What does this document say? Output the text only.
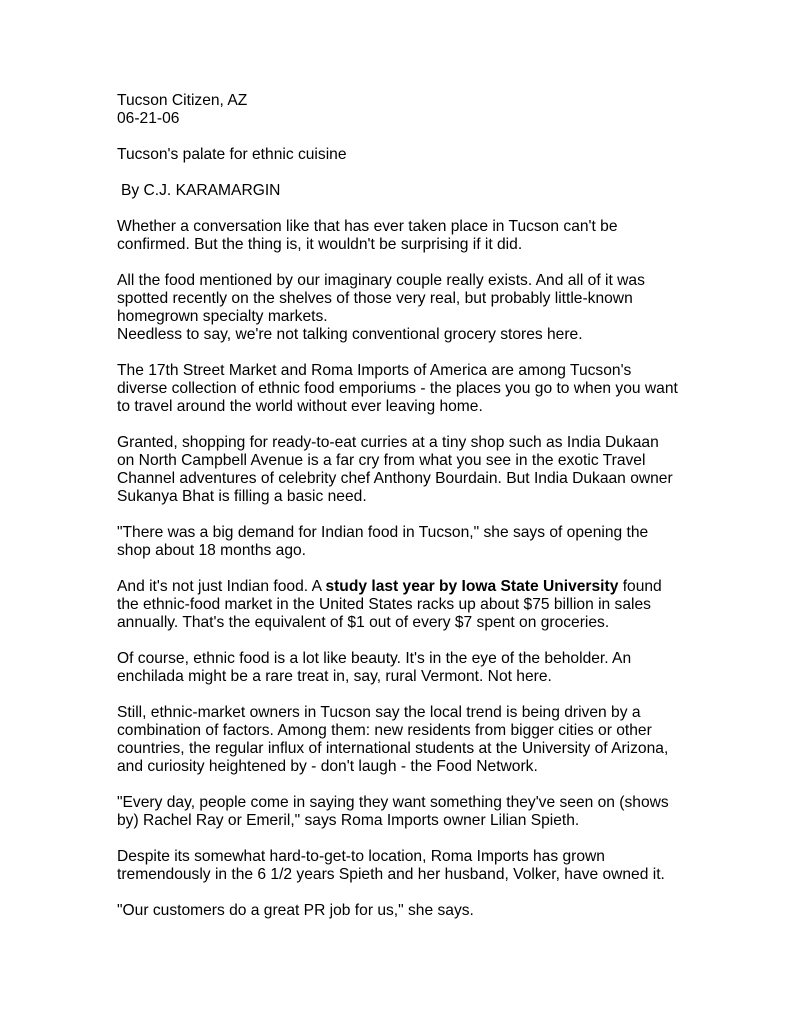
Tucson Citizen, AZ
06-21-06
Tucson's palate for ethnic cuisine
By C.J. KARAMARGIN
Whether a conversation like that has ever taken place in Tucson can't be
confirmed. But the thing is, it wouldn't be surprising if it did.
All the food mentioned by our imaginary couple really exists. And all of it was
spotted recently on the shelves of those very real, but probably little-known
homegrown specialty markets.
Needless to say, we're not talking conventional grocery stores here.
The 17th Street Market and Roma Imports of America are among Tucson's
diverse collection of ethnic food emporiums - the places you go to when you want
to travel around the world without ever leaving home.
Granted, shopping for ready-to-eat curries at a tiny shop such as India Dukaan
on North Campbell Avenue is a far cry from what you see in the exotic Travel
Channel adventures of celebrity chef Anthony Bourdain. But India Dukaan owner
Sukanya Bhat is filling a basic need.
"There was a big demand for Indian food in Tucson," she says of opening the
shop about 18 months ago.
And it's not just Indian food. A study last year by Iowa State University found
the ethnic-food market in the United States racks up about $75 billion in sales
annually. That's the equivalent of $1 out of every $7 spent on groceries.
Of course, ethnic food is a lot like beauty. It's in the eye of the beholder. An
enchilada might be a rare treat in, say, rural Vermont. Not here.
Still, ethnic-market owners in Tucson say the local trend is being driven by a
combination of factors. Among them: new residents from bigger cities or other
countries, the regular influx of international students at the University of Arizona,
and curiosity heightened by - don't laugh - the Food Network.
"Every day, people come in saying they want something they've seen on (shows
by) Rachel Ray or Emeril," says Roma Imports owner Lilian Spieth.
Despite its somewhat hard-to-get-to location, Roma Imports has grown
tremendously in the 6 1/2 years Spieth and her husband, Volker, have owned it.
"Our customers do a great PR job for us," she says.
